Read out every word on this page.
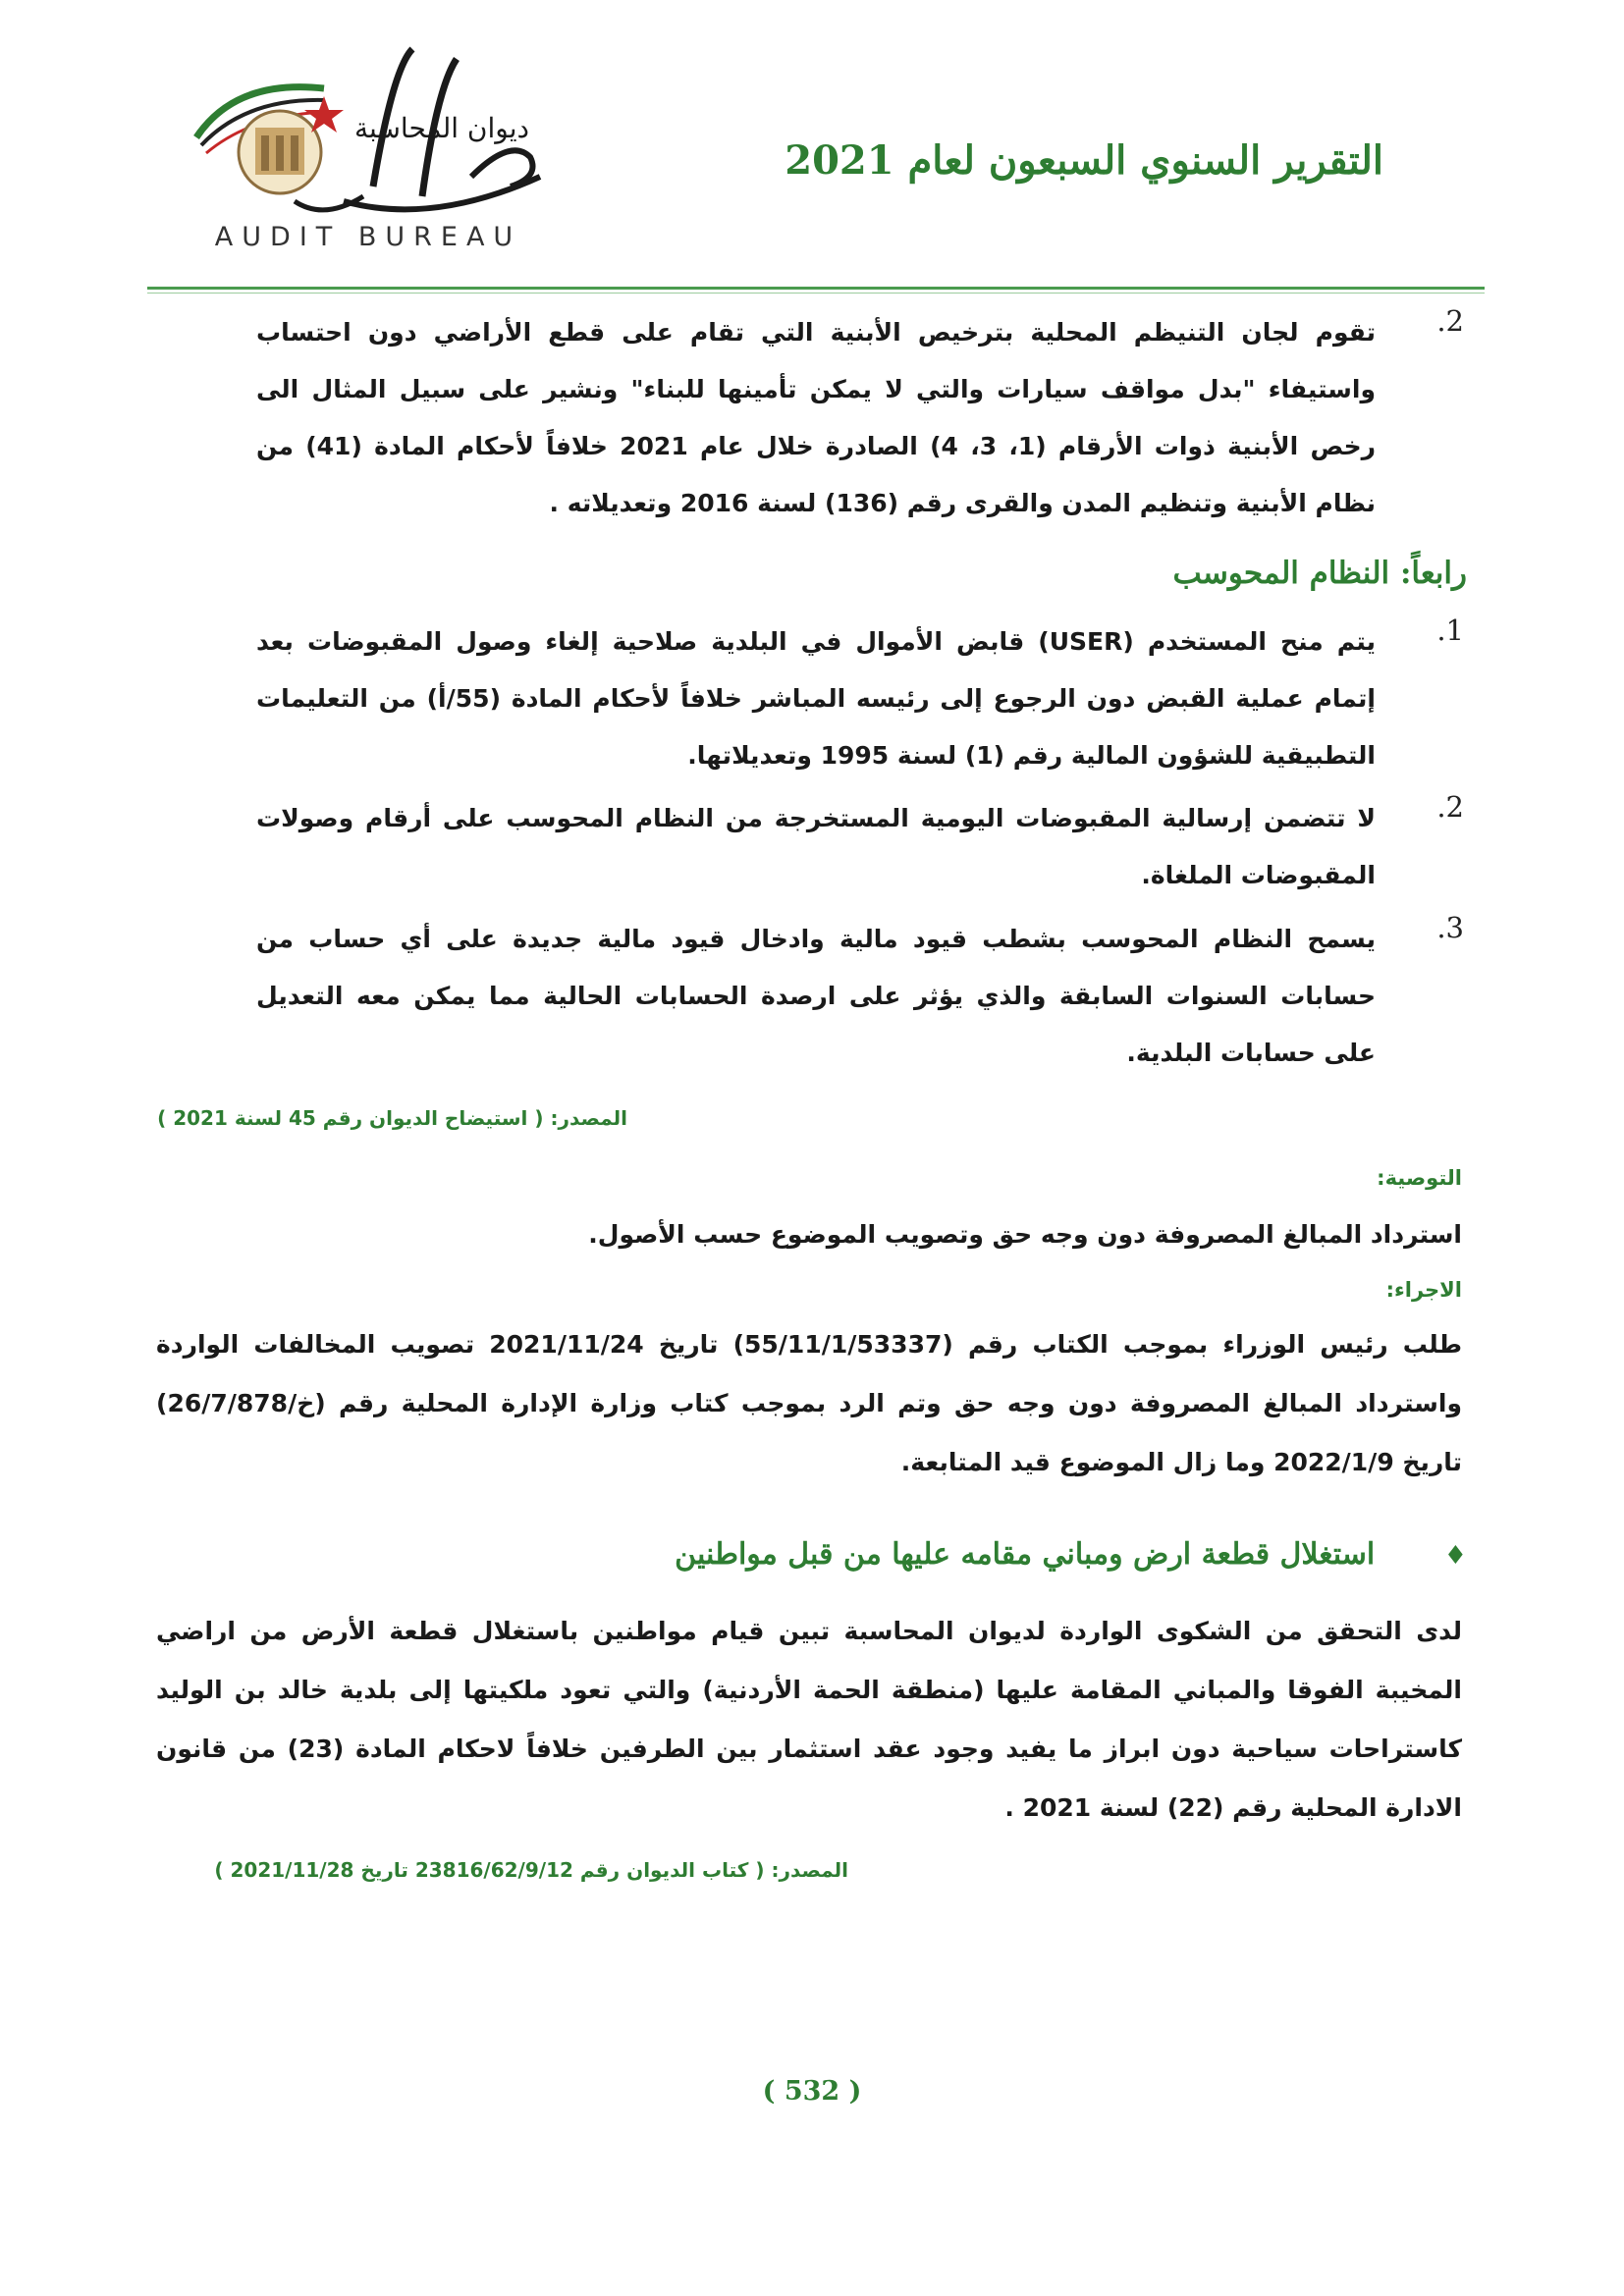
ديوان المحاسبة
AUDIT BUREAU
التقرير السنوي السبعون لعام 2021
2.
تقوم لجان التنيظم المحلية بترخيص الأبنية التي تقام على قطع الأراضي دون احتساب واستيفاء "بدل مواقف سيارات والتي لا يمكن تأمينها للبناء" ونشير على سبيل المثال الى رخص الأبنية ذوات الأرقام (1، 3، 4) الصادرة خلال عام 2021 خلافاً لأحكام المادة (41) من نظام الأبنية وتنظيم المدن والقرى رقم (136) لسنة 2016 وتعديلاته .
رابعاً: النظام المحوسب
1.
يتم منح المستخدم (USER) قابض الأموال في البلدية صلاحية إلغاء وصول المقبوضات بعد إتمام عملية القبض دون الرجوع إلى رئيسه المباشر خلافاً لأحكام المادة (55/أ) من التعليمات التطبيقية للشؤون المالية رقم (1) لسنة 1995 وتعديلاتها.
2.
لا تتضمن إرسالية المقبوضات اليومية المستخرجة من النظام المحوسب على أرقام وصولات المقبوضات الملغاة.
3.
يسمح النظام المحوسب بشطب قيود مالية وادخال قيود مالية جديدة على أي حساب من حسابات السنوات السابقة والذي يؤثر على ارصدة الحسابات الحالية مما يمكن معه التعديل على حسابات البلدية.
المصدر: ( استيضاح الديوان رقم 45 لسنة 2021 )
التوصية:
استرداد المبالغ المصروفة دون وجه حق وتصويب الموضوع حسب الأصول.
الاجراء:
طلب رئيس الوزراء بموجب الكتاب رقم (55/11/1/53337) تاريخ 2021/11/24 تصويب المخالفات الواردة واسترداد المبالغ المصروفة دون وجه حق وتم الرد بموجب كتاب وزارة الإدارة المحلية رقم (خ/26/7/878) تاريخ 2022/1/9 وما زال الموضوع قيد المتابعة.
♦ استغلال قطعة ارض ومباني مقامه عليها من قبل مواطنين
لدى التحقق من الشكوى الواردة لديوان المحاسبة تبين قيام مواطنين باستغلال قطعة الأرض من اراضي المخيبة الفوقا والمباني المقامة عليها (منطقة الحمة الأردنية) والتي تعود ملكيتها إلى بلدية خالد بن الوليد كاستراحات سياحية دون ابراز ما يفيد وجود عقد استثمار بين الطرفين خلافاً لاحكام المادة (23) من قانون الادارة المحلية رقم (22) لسنة 2021 .
المصدر: ( كتاب الديوان رقم 23816/62/9/12 تاريخ 2021/11/28 )
( 532 )
